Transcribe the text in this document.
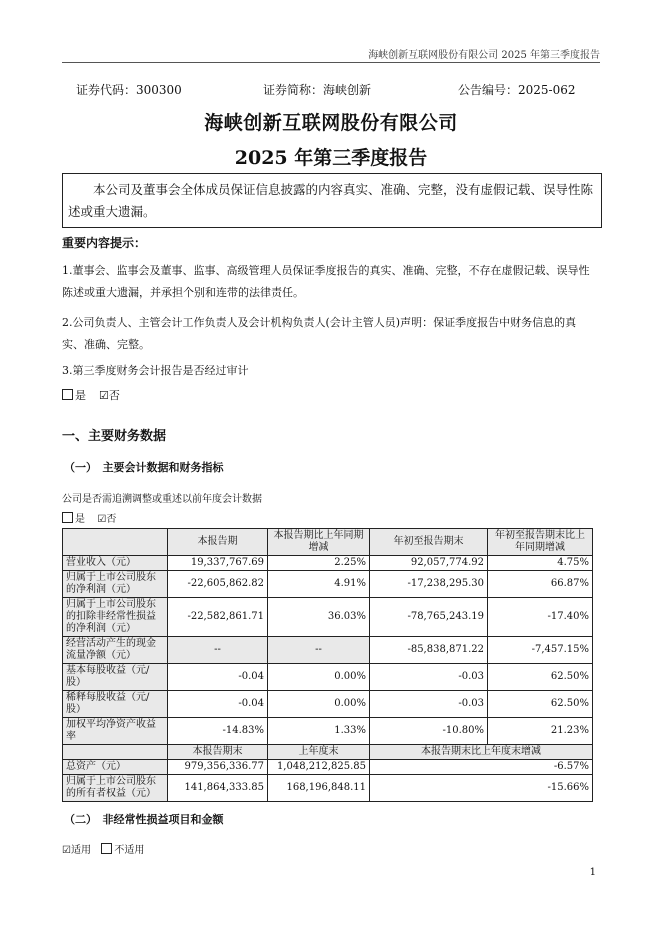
海峡创新互联网股份有限公司 2025 年第三季度报告
证券代码：300300	证券简称：海峡创新	公告编号：2025-062
海峡创新互联网股份有限公司
2025 年第三季度报告
本公司及董事会全体成员保证信息披露的内容真实、准确、完整，没有虚假记载、误导性陈述或重大遗漏。
重要内容提示：
1.董事会、监事会及董事、监事、高级管理人员保证季度报告的真实、准确、完整，不存在虚假记载、误导性陈述或重大遗漏，并承担个别和连带的法律责任。
2.公司负责人、主管会计工作负责人及会计机构负责人(会计主管人员)声明：保证季度报告中财务信息的真实、准确、完整。
3.第三季度财务会计报告是否经过审计
是 ☑否
一、主要财务数据
（一）　主要会计数据和财务指标
公司是否需追溯调整或重述以前年度会计数据
是 ☑否
	本报告期	本报告期比上年同期增减	年初至报告期末	年初至报告期末比上年同期增减
营业收入（元）	19,337,767.69	2.25%	92,057,774.92	4.75%
归属于上市公司股东的净利润（元）	-22,605,862.82	4.91%	-17,238,295.30	66.87%
归属于上市公司股东的扣除非经常性损益的净利润（元）	-22,582,861.71	36.03%	-78,765,243.19	-17.40%
经营活动产生的现金流量净额（元）	--	--	-85,838,871.22	-7,457.15%
基本每股收益（元/股）	-0.04	0.00%	-0.03	62.50%
稀释每股收益（元/股）	-0.04	0.00%	-0.03	62.50%
加权平均净资产收益率	-14.83%	1.33%	-10.80%	21.23%
	本报告期末	上年度末	本报告期末比上年度末增减	
总资产（元）	979,356,336.77	1,048,212,825.85	-6.57%	
归属于上市公司股东的所有者权益（元）	141,864,333.85	168,196,848.11	-15.66%	
（二）　非经常性损益项目和金额
☑适用 不适用
1
